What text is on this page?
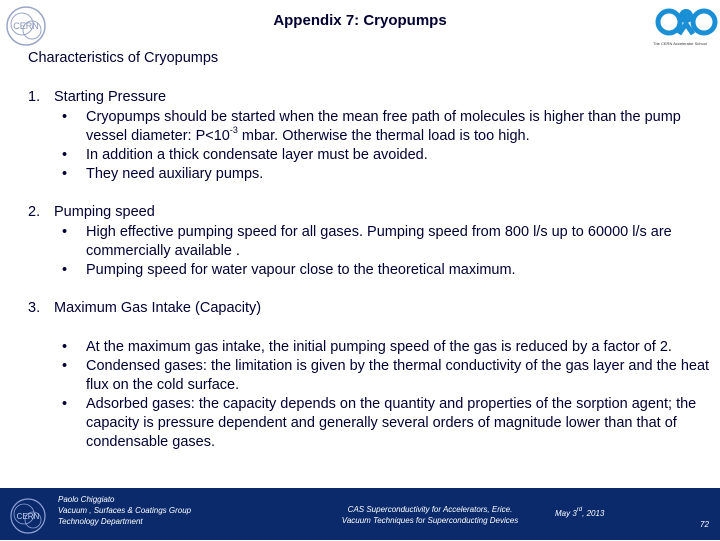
CERN
The CERN Accelerator School
Appendix 7: Cryopumps
Characteristics of Cryopumps
1. Starting Pressure
• Cryopumps should be started when the mean free path of molecules is higher than the pump vessel diameter: $P<10^{-3}$ mbar. Otherwise the thermal load is too high.
• In addition a thick condensate layer must be avoided.
• They need auxiliary pumps.
2. Pumping speed
• High effective pumping speed for all gases. Pumping speed from 800 l/s up to 60000 l/s are commercially available .
• Pumping speed for water vapour close to the theoretical maximum.
3. Maximum Gas Intake (Capacity)
• At the maximum gas intake, the initial pumping speed of the gas is reduced by a factor of 2.
• Condensed gases: the limitation is given by the thermal conductivity of the gas layer and the heat flux on the cold surface.
• Adsorbed gases: the capacity depends on the quantity and properties of the sorption agent; the capacity is pressure dependent and generally several orders of magnitude lower than that of condensable gases.
CERN
Paolo Chiggiato
Vacuum , Surfaces & Coatings Group
Technology Department
CAS Superconductivity for Accelerators, Erice.
Vacuum Techniques for Superconducting Devices
May 3rd, 2013
72
